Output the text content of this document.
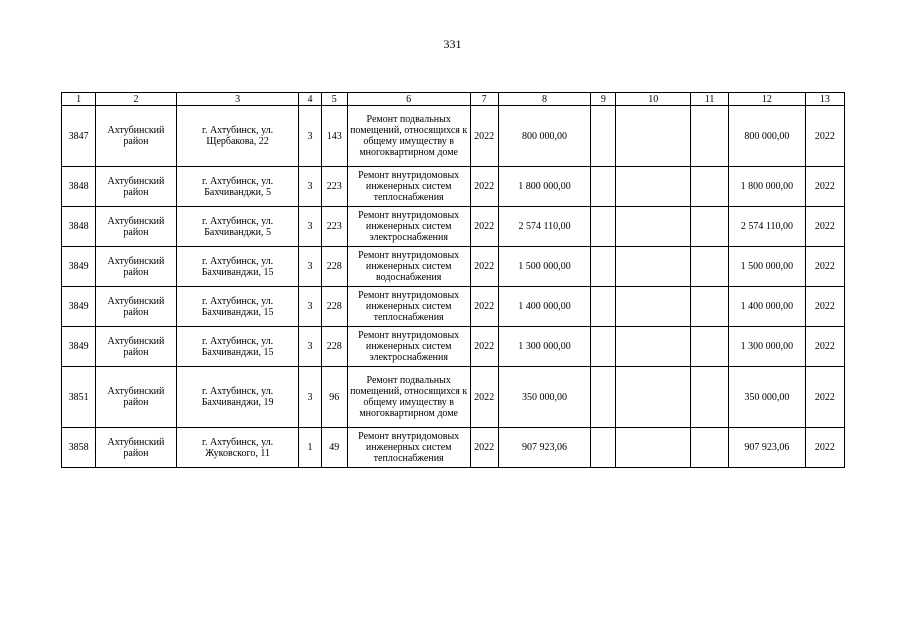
331
1	2	3	4	5	6	7	8	9	10	11	12	13
3847	Ахтубинский район	г. Ахтубинск, ул. Щербакова, 22	3	143	Ремонт подвальных помещений, относящихся к общему имуществу в многоквартирном доме	2022	800 000,00				800 000,00	2022
3848	Ахтубинский район	г. Ахтубинск, ул. Бахчиванджи, 5	3	223	Ремонт внутридомовых инженерных систем теплоснабжения	2022	1 800 000,00				1 800 000,00	2022
3848	Ахтубинский район	г. Ахтубинск, ул. Бахчиванджи, 5	3	223	Ремонт внутридомовых инженерных систем электроснабжения	2022	2 574 110,00				2 574 110,00	2022
3849	Ахтубинский район	г. Ахтубинск, ул. Бахчиванджи, 15	3	228	Ремонт внутридомовых инженерных систем водоснабжения	2022	1 500 000,00				1 500 000,00	2022
3849	Ахтубинский район	г. Ахтубинск, ул. Бахчиванджи, 15	3	228	Ремонт внутридомовых инженерных систем теплоснабжения	2022	1 400 000,00				1 400 000,00	2022
3849	Ахтубинский район	г. Ахтубинск, ул. Бахчиванджи, 15	3	228	Ремонт внутридомовых инженерных систем электроснабжения	2022	1 300 000,00				1 300 000,00	2022
3851	Ахтубинский район	г. Ахтубинск, ул. Бахчиванджи, 19	3	96	Ремонт подвальных помещений, относящихся к общему имуществу в многоквартирном доме	2022	350 000,00				350 000,00	2022
3858	Ахтубинский район	г. Ахтубинск, ул. Жуковского, 11	1	49	Ремонт внутридомовых инженерных систем теплоснабжения	2022	907 923,06				907 923,06	2022
